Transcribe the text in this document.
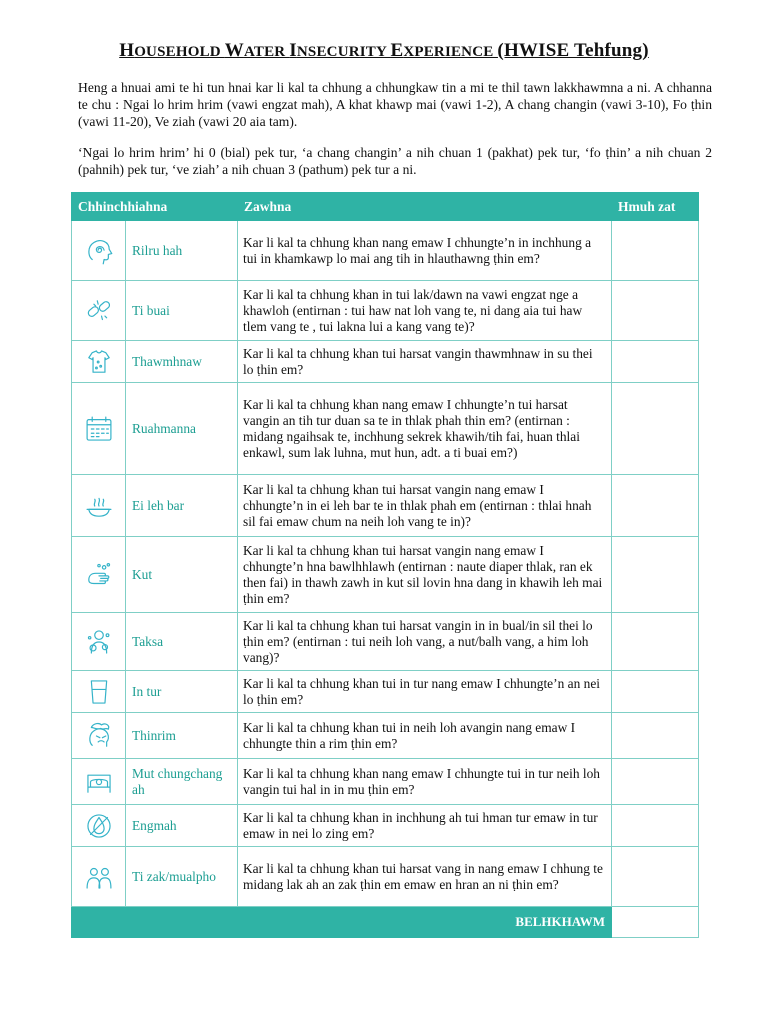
HOUSEHOLD WATER INSECURITY EXPERIENCE (HWISE Tehfung)

Heng a hnuai ami te hi tun hnai kar li kal ta chhung a chhungkaw tin a mi te thil tawn lakkhawmna a ni. A chhanna te chu : Ngai lo hrim hrim (vawi engzat mah), A khat khawp mai (vawi 1-2), A chang changin (vawi 3-10), Fo ṭhin (vawi 11-20), Ve ziah (vawi 20 aia tam).

‘Ngai lo hrim hrim’ hi 0 (bial) pek tur, ‘a chang changin’ a nih chuan 1 (pakhat) pek tur, ‘fo ṭhin’ a nih chuan 2 (pahnih) pek tur, ‘ve ziah’ a nih chuan 3 (pathum) pek tur a ni.

Chhinchhiahna		Zawhna	Hmuh zat

	Rilru hah	Kar li kal ta chhung khan nang emaw I chhungte’n in inchhung a tui in khamkawp lo mai ang tih in hlauthawng ṭhin em?	

	Ti buai	Kar li kal ta chhung khan in tui lak/dawn na vawi engzat nge a khawloh (entirnan : tui haw nat loh vang te, ni dang aia tui haw tlem vang te , tui lakna lui a kang vang te)?	

	Thawmhnaw	Kar li kal ta chhung khan tui harsat vangin thawmhnaw in su thei lo ṭhin em?	

	Ruahmanna	Kar li kal ta chhung khan nang emaw I chhungte’n tui harsat vangin an tih tur duan sa te in thlak phah thin em? (entirnan : midang ngaihsak te, inchhung sekrek khawih/tih fai, huan thlai enkawl, sum lak luhna, mut hun, adt. a ti buai em?)	

	Ei leh bar	Kar li kal ta chhung khan tui harsat vangin nang emaw I chhungte’n in ei leh bar te in thlak phah em (entirnan : thlai hnah sil fai emaw chum na neih loh vang te in)?	

	Kut	Kar li kal ta chhung khan tui harsat vangin nang emaw I chhungte’n hna bawlhhlawh (entirnan : naute diaper thlak, ran ek then fai) in thawh zawh in kut sil lovin hna dang in khawih leh mai ṭhin em?	

	Taksa	Kar li kal ta chhung khan tui harsat vangin in in bual/in sil thei lo ṭhin em? (entirnan : tui neih loh vang, a nut/balh vang, a him loh vang)?	

	In tur	Kar li kal ta chhung khan tui in tur nang emaw I chhungte’n an nei lo ṭhin em?	

	Thinrim	Kar li kal ta chhung khan tui in neih loh avangin nang emaw I chhungte thin a rim ṭhin em?	

	Mut chungchang ah	Kar li kal ta chhung khan nang emaw I chhungte tui in tur neih loh vangin tui hal in in mu ṭhin em?	

	Engmah	Kar li kal ta chhung khan in inchhung ah tui hman tur emaw in tur emaw in nei lo zing em?	

	Ti zak/mualpho	Kar li kal ta chhung khan tui harsat vang in nang emaw I chhung te midang lak ah an zak ṭhin em emaw en hran an ni ṭhin em?	
BELHKHAWM			
